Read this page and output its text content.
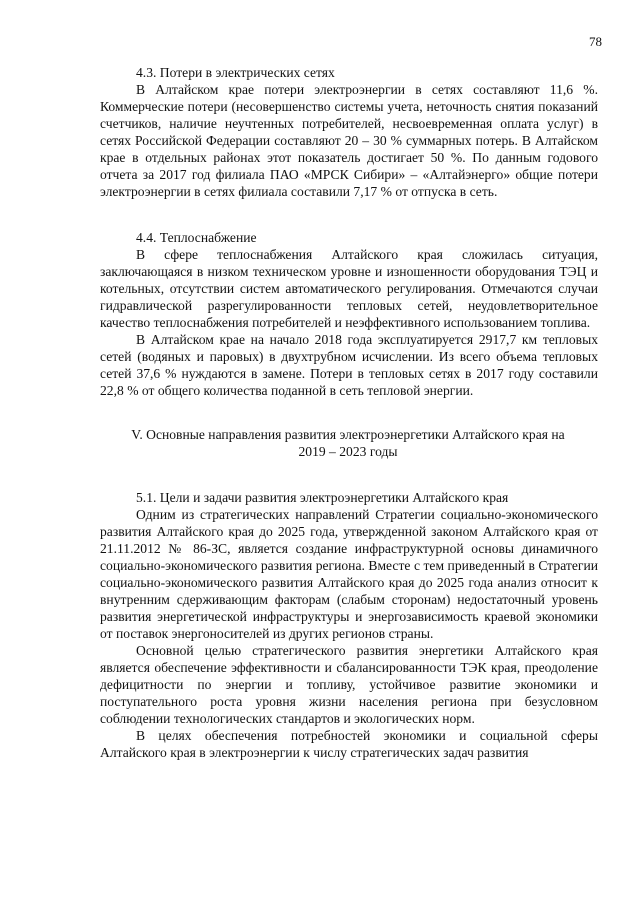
78

4.3. Потери в электрических сетях

В Алтайском крае потери электроэнергии в сетях составляют 11,6 %. Коммерческие потери (несовершенство системы учета, неточность снятия показаний счетчиков, наличие неучтенных потребителей, несвоевременная оплата услуг) в сетях Российской Федерации составляют 20 – 30 % суммарных потерь. В Алтайском крае в отдельных районах этот показатель достигает 50 %. По данным годового отчета за 2017 год филиала ПАО «МРСК Сибири» – «Алтайэнерго» общие потери электроэнергии в сетях филиала составили 7,17 % от отпуска в сеть.

4.4. Теплоснабжение

В сфере теплоснабжения Алтайского края сложилась ситуация, заключающаяся в низком техническом уровне и изношенности оборудования ТЭЦ и котельных, отсутствии систем автоматического регулирования. Отмечаются случаи гидравлической разрегулированности тепловых сетей, неудовлетворительное качество теплоснабжения потребителей и неэффективного использованием топлива.

В Алтайском крае на начало 2018 года эксплуатируется 2917,7 км тепловых сетей (водяных и паровых) в двухтрубном исчислении. Из всего объема тепловых сетей 37,6 % нуждаются в замене. Потери в тепловых сетях в 2017 году составили 22,8 % от общего количества поданной в сеть тепловой энергии.

V. Основные направления развития электроэнергетики Алтайского края на

2019 – 2023 годы

5.1. Цели и задачи развития электроэнергетики Алтайского края

Одним из стратегических направлений Стратегии социально-экономического развития Алтайского края до 2025 года, утвержденной законом Алтайского края от 21.11.2012 № 86-ЗС, является создание инфраструктурной основы динамичного социально-экономического развития региона. Вместе с тем приведенный в Стратегии социально-экономического развития Алтайского края до 2025 года анализ относит к внутренним сдерживающим факторам (слабым сторонам) недостаточный уровень развития энергетической инфраструктуры и энергозависимость краевой экономики от поставок энергоносителей из других регионов страны.

Основной целью стратегического развития энергетики Алтайского края является обеспечение эффективности и сбалансированности ТЭК края, преодоление дефицитности по энергии и топливу, устойчивое развитие экономики и поступательного роста уровня жизни населения региона при безусловном соблюдении технологических стандартов и экологических норм.

В целях обеспечения потребностей экономики и социальной сферы Алтайского края в электроэнергии к числу стратегических задач развития
